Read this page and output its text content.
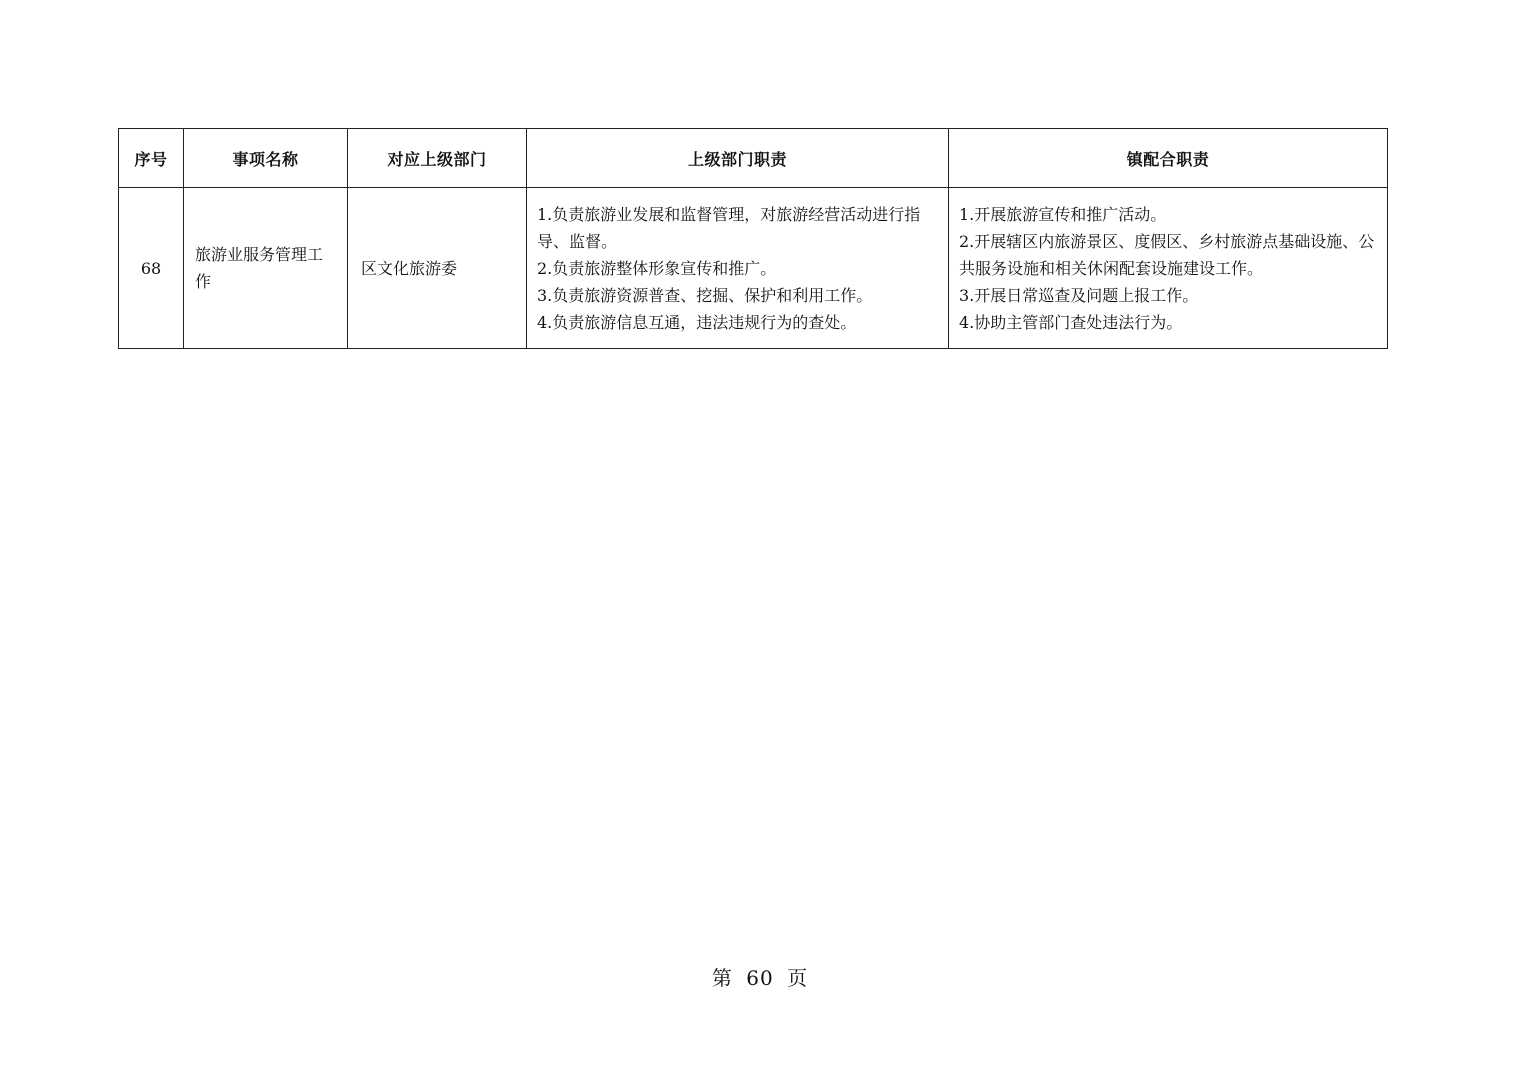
序号	事项名称	对应上级部门	上级部门职责	镇配合职责
68	旅游业服务管理工作	区文化旅游委	1.负责旅游业发展和监督管理，对旅游经营活动进行指导、监督。
2.负责旅游整体形象宣传和推广。
3.负责旅游资源普查、挖掘、保护和利用工作。
4.负责旅游信息互通，违法违规行为的查处。	1.开展旅游宣传和推广活动。
2.开展辖区内旅游景区、度假区、乡村旅游点基础设施、公共服务设施和相关休闲配套设施建设工作。
3.开展日常巡查及问题上报工作。
4.协助主管部门查处违法行为。
第 60 页
